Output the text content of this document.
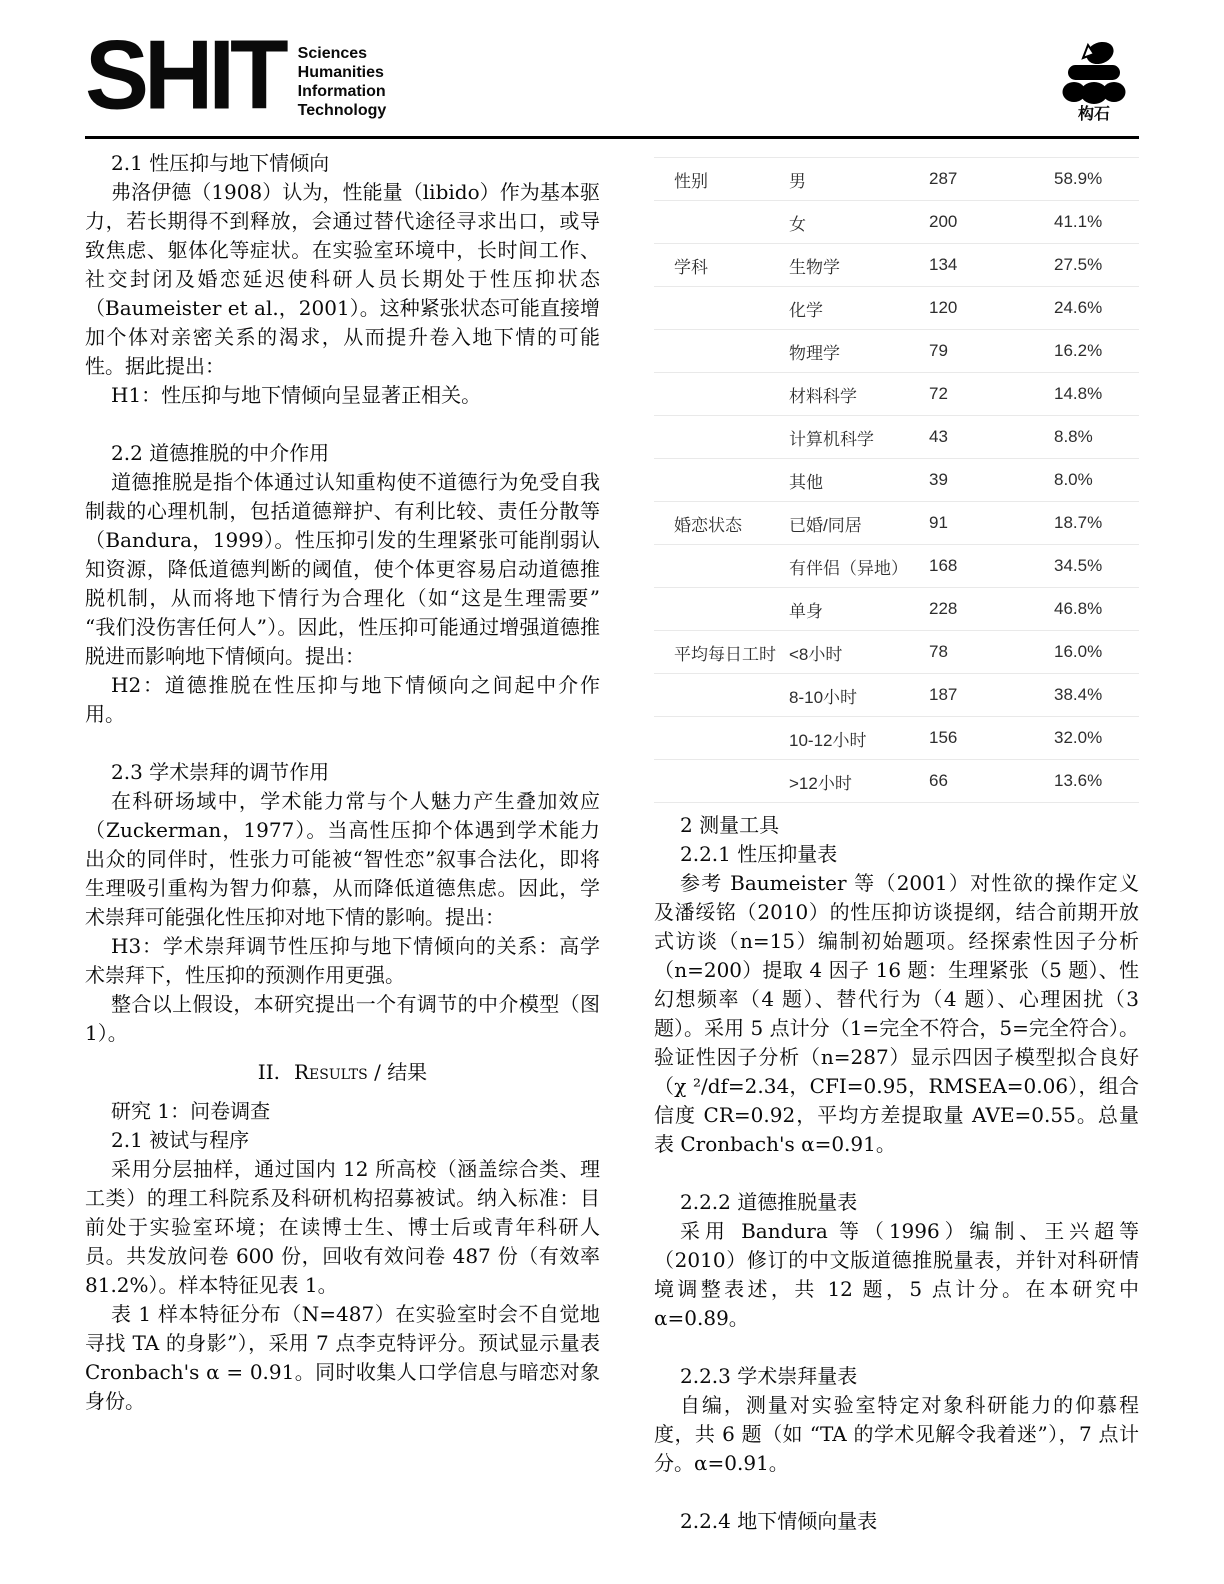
SHIT Sciences
Humanities
Information
Technology	构石

2.1 性压抑与地下情倾向

弗洛伊德（1908）认为，性能量（libido）作为基本驱力，若长期得不到释放，会通过替代途径寻求出口，或导致焦虑、躯体化等症状。在实验室环境中，长时间工作、社交封闭及婚恋延迟使科研人员长期处于性压抑状态（Baumeister et al.，2001）。这种紧张状态可能直接增加个体对亲密关系的渴求，从而提升卷入地下情的可能性。据此提出：

H1：性压抑与地下情倾向呈显著正相关。

2.2 道德推脱的中介作用

道德推脱是指个体通过认知重构使不道德行为免受自我制裁的心理机制，包括道德辩护、有利比较、责任分散等（Bandura，1999）。性压抑引发的生理紧张可能削弱认知资源，降低道德判断的阈值，使个体更容易启动道德推脱机制，从而将地下情行为合理化（如“这是生理需要” “我们没伤害任何人”）。因此，性压抑可能通过增强道德推脱进而影响地下情倾向。提出：

H2：道德推脱在性压抑与地下情倾向之间起中介作用。

2.3 学术崇拜的调节作用

在科研场域中，学术能力常与个人魅力产生叠加效应（Zuckerman，1977）。当高性压抑个体遇到学术能力出众的同伴时，性张力可能被“智性恋”叙事合法化，即将生理吸引重构为智力仰慕，从而降低道德焦虑。因此，学术崇拜可能强化性压抑对地下情的影响。提出：

H3：学术崇拜调节性压抑与地下情倾向的关系：高学术崇拜下，性压抑的预测作用更强。

整合以上假设，本研究提出一个有调节的中介模型（图1）。

II. Results / 结果

研究 1：问卷调查

2.1 被试与程序

采用分层抽样，通过国内 12 所高校（涵盖综合类、理工类）的理工科院系及科研机构招募被试。纳入标准：目前处于实验室环境；在读博士生、博士后或青年科研人员。共发放问卷 600 份，回收有效问卷 487 份（有效率 81.2%）。样本特征见表 1。

表 1 样本特征分布（N=487）在实验室时会不自觉地寻找 TA 的身影”），采用 7 点李克特评分。预试显示量表 Cronbach's α = 0.91。同时收集人口学信息与暗恋对象身份。

性别	男	287	58.9%
	女	200	41.1%
学科	生物学	134	27.5%
	化学	120	24.6%
	物理学	79	16.2%
	材料科学	72	14.8%
	计算机科学	43	8.8%
	其他	39	8.0%
婚恋状态	已婚/同居	91	18.7%
	有伴侣（异地）	168	34.5%
	单身	228	46.8%
平均每日工时	<8小时	78	16.0%
	8-10小时	187	38.4%
	10-12小时	156	32.0%
	>12小时	66	13.6%

2 测量工具

2.2.1 性压抑量表

参考 Baumeister 等（2001）对性欲的操作定义及潘绥铭（2010）的性压抑访谈提纲，结合前期开放式访谈（n=15）编制初始题项。经探索性因子分析（n=200）提取 4 因子 16 题：生理紧张（5 题）、性幻想频率（4 题）、替代行为（4 题）、心理困扰（3 题）。采用 5 点计分（1=完全不符合，5=完全符合）。验证性因子分析（n=287）显示四因子模型拟合良好（χ ²/df=2.34，CFI=0.95，RMSEA=0.06），组合信度 CR=0.92，平均方差提取量 AVE=0.55。总量表 Cronbach's α=0.91。

2.2.2 道德推脱量表

采用 Bandura 等（1996）编制、王兴超等（2010）修订的中文版道德推脱量表，并针对科研情境调整表述，共 12 题，5 点计分。在本研究中 α=0.89。

2.2.3 学术崇拜量表

自编，测量对实验室特定对象科研能力的仰慕程度，共 6 题（如 “TA 的学术见解令我着迷”），7 点计分。α=0.91。

2.2.4 地下情倾向量表
